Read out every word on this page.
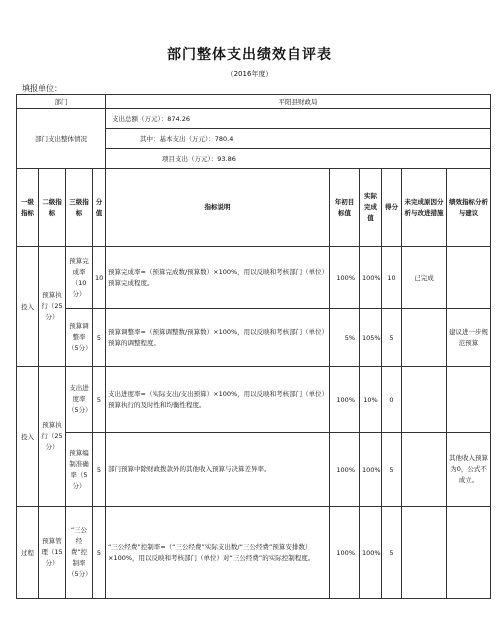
部门整体支出绩效自评表
（2016年度）
填报单位：
部门				平阳县财政局					
部门支出整体情况				支出总额（万元）：874.26					
				其中：基本支出（万元）：780.4					
				项目支出（万元）：93.86					
一级指标	二级指标	三级指标	分值	指标说明	年初目标值	实际完成值	得分	未完成原因分析与改进措施	绩效指标分析与建议
投入	预算执行（25分）	预算完成率（10分）	10	预算完成率=（预算完成数/预算数）×100%，用以反映和考核部门（单位）预算完成程度。	100%	100%	10	已完成	
		预算调整率（5分）	5	预算调整率=（预算调整数/预算数）×100%，用以反映和考核部门（单位）预算的调整程度。	5%	105%	5		建议进一步规范预算
投入	预算执行（25分）	支出进度率（5分）	5	支出进度率=（实际支出/支出预算）×100%，用以反映和考核部门（单位）预算执行的及时性和均衡性程度。	100%	10%	0		
		预算编制准确率（5分）	5	部门预算中除财政拨款外的其他收入预算与决算差异率。	100%	100%	5		其他收入预算为0，公式不成立。
过程	预算管理（15分）	“三公经费”控制率（5分）	5	“三公经费”控制率=（“三公经费”实际支出数/“三公经费”预算安排数）×100%，用以反映和考核部门（单位）对“三公经费”的实际控制程度。	100%	100%	5		
